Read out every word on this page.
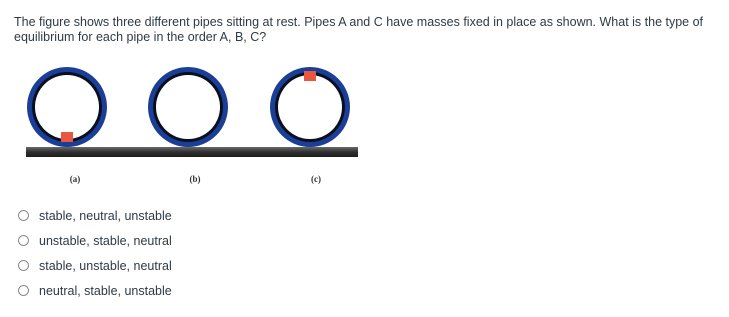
The figure shows three different pipes sitting at rest. Pipes A and C have masses fixed in place as shown. What is the type of equilibrium for each pipe in the order A, B, C?
(a)	(b)	(c)
stable, neutral, unstable
unstable, stable, neutral
stable, unstable, neutral
neutral, stable, unstable
